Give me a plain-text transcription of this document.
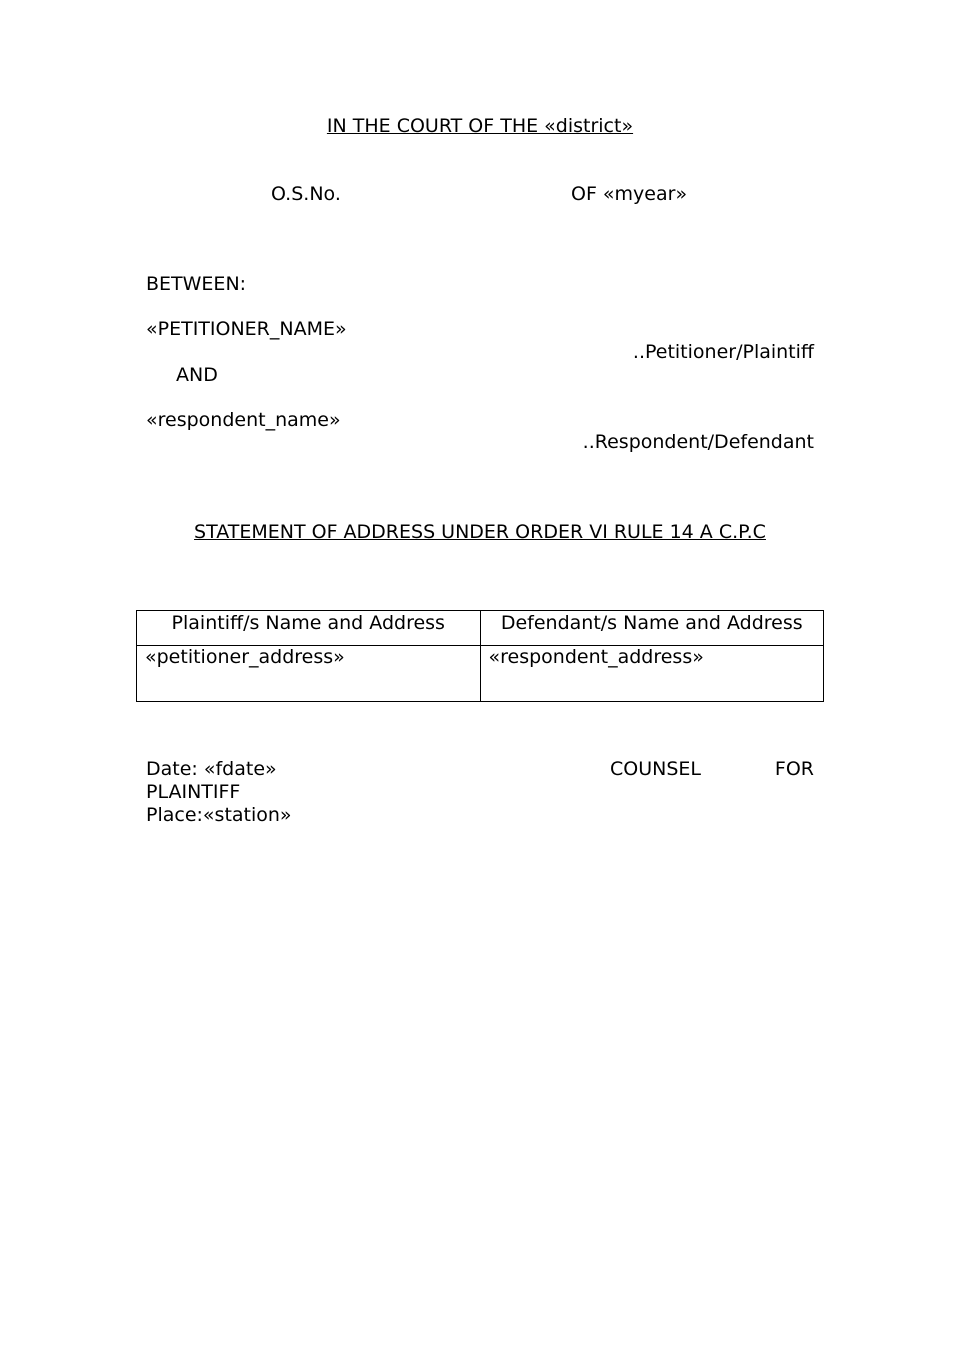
IN THE COURT OF THE «district»
O.S.No.	OF «myear»
BETWEEN:
«PETITIONER_NAME»
..Petitioner/Plaintiff
AND
«respondent_name»
..Respondent/Defendant
STATEMENT OF ADDRESS UNDER ORDER VI RULE 14 A C.P.C
Plaintiff/s Name and Address	Defendant/s Name and Address
«petitioner_address»	«respondent_address»
Date: «fdate»	COUNSEL	FOR
PLAINTIFF
Place:«station»
